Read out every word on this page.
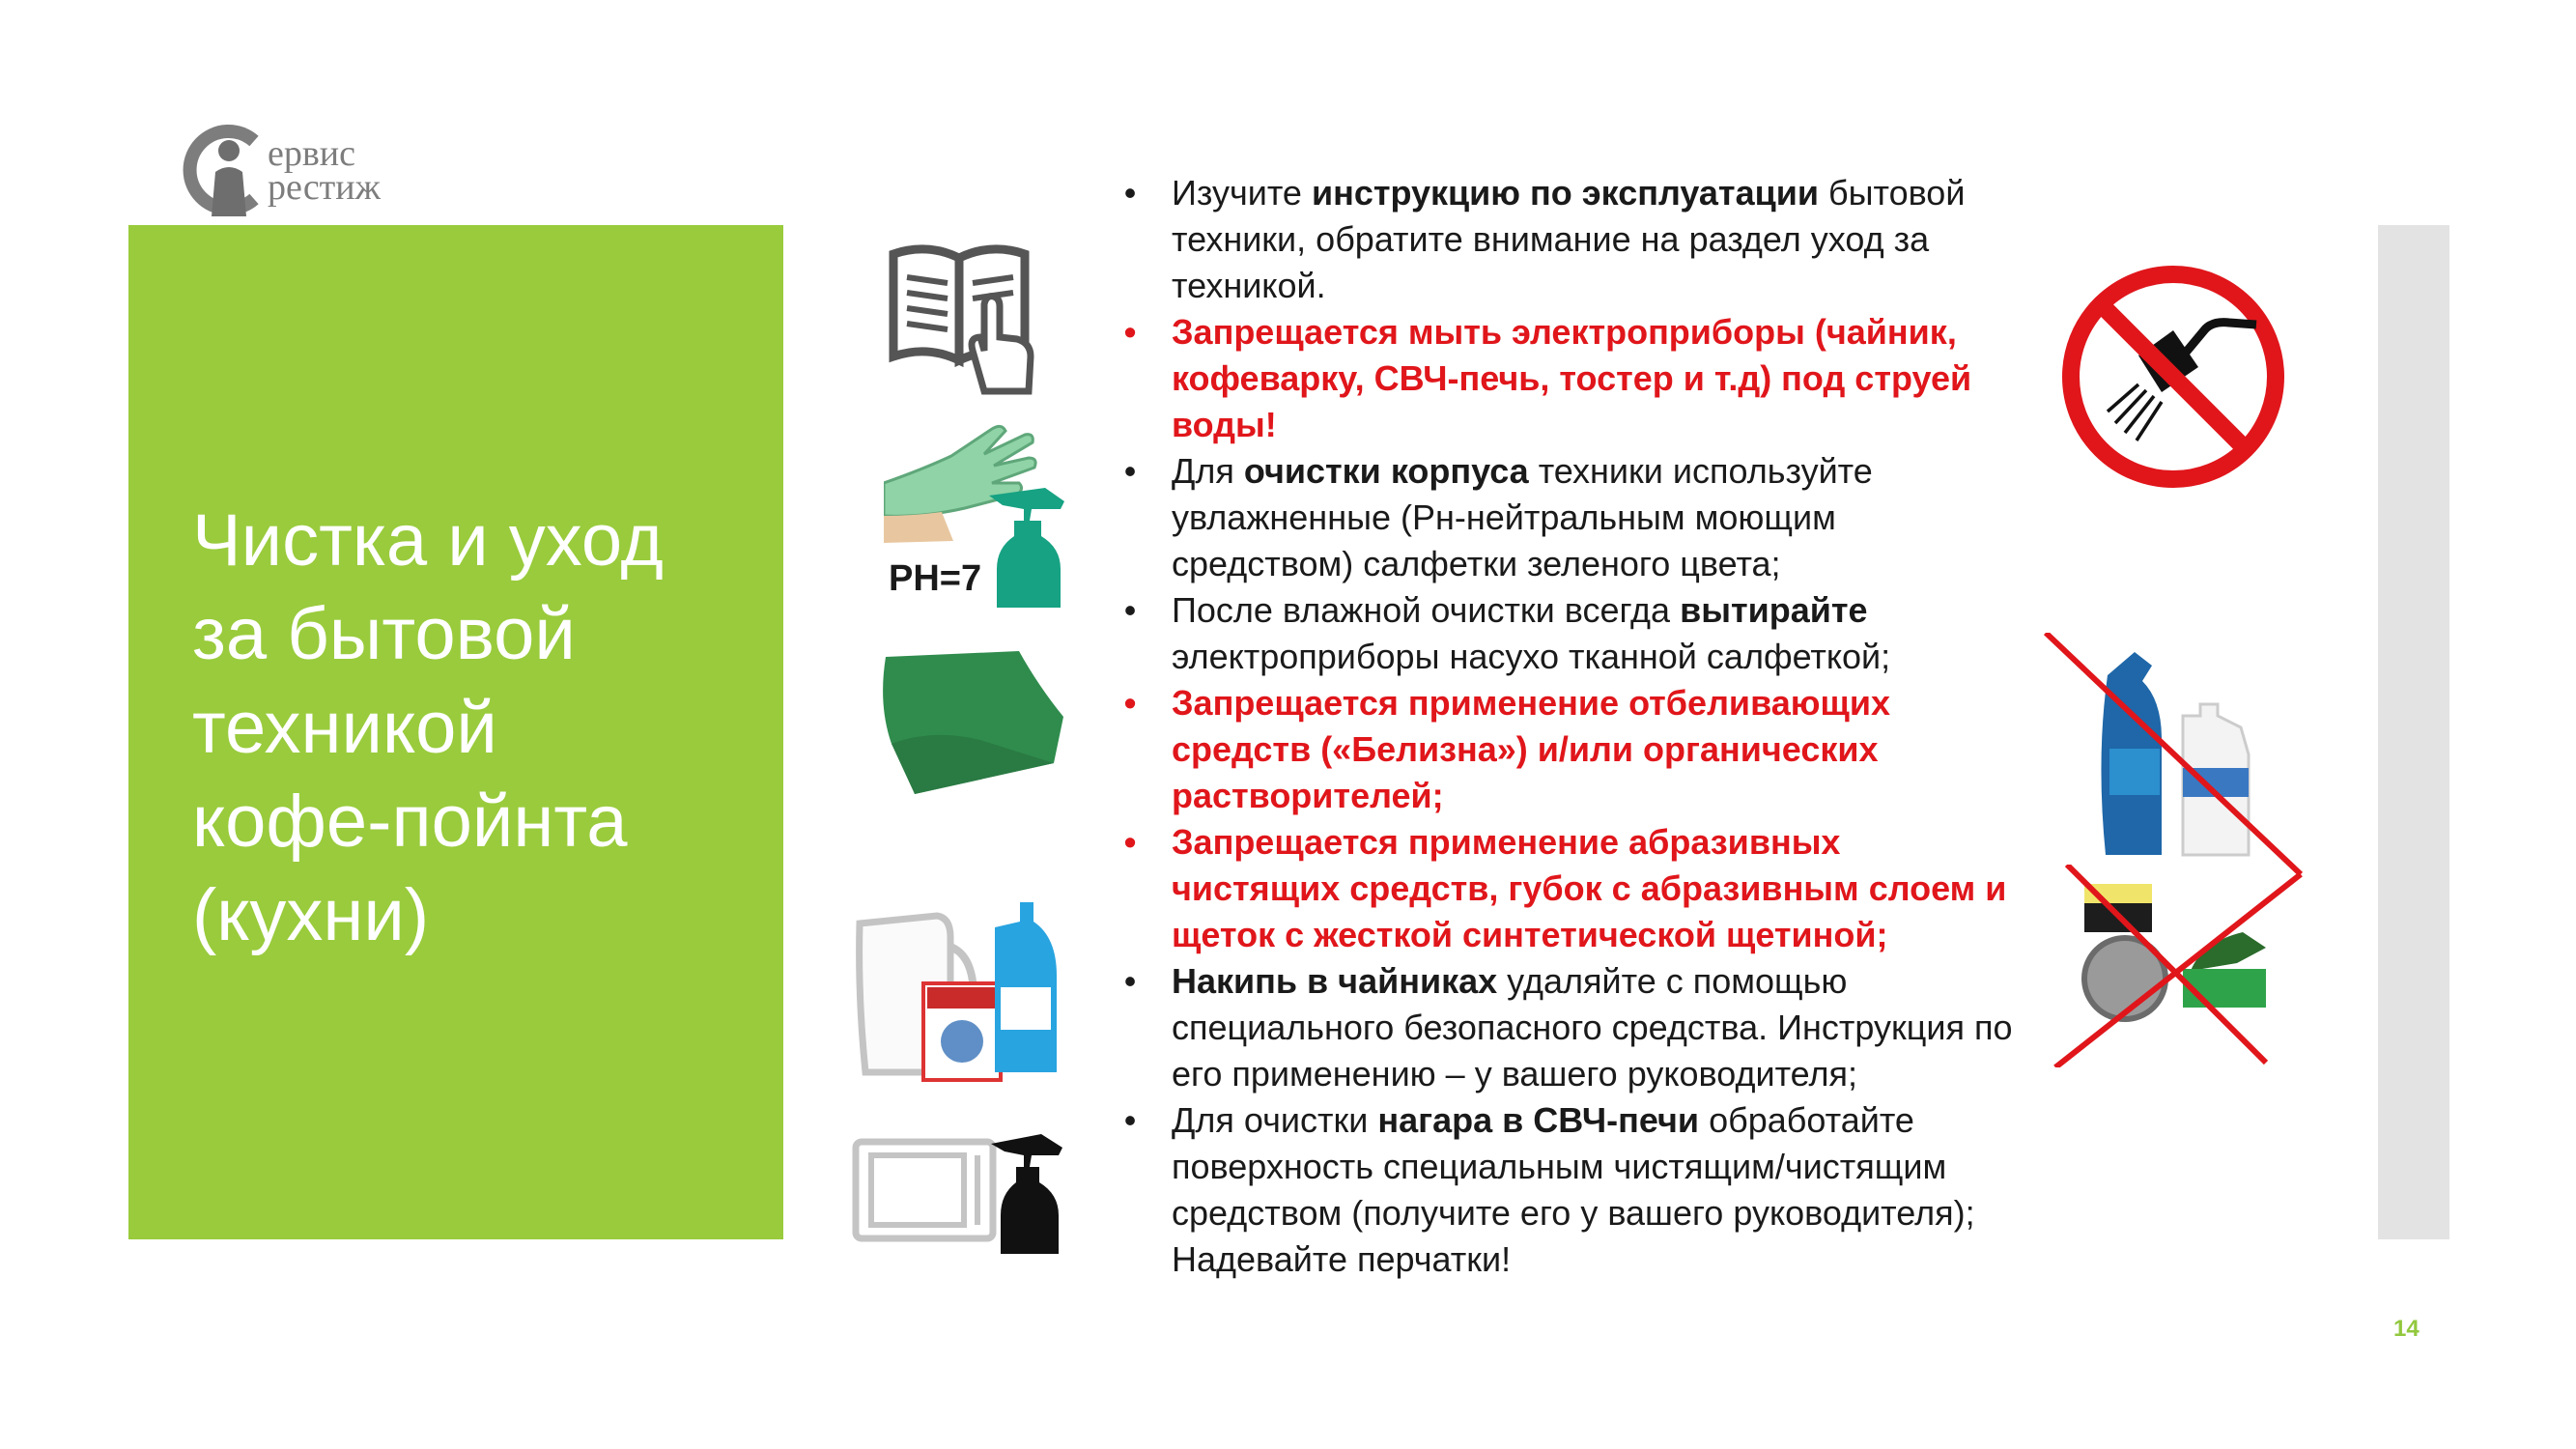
ервис
рестиж
Чистка и уход
за бытовой
техникой
кофе-пойнта
(кухни)
PH=7

• Изучите инструкцию по эксплуатации бытовой техники, обратите внимание на раздел уход за техникой.

• Запрещается мыть электроприборы (чайник, кофеварку, СВЧ-печь, тостер и т.д) под струей воды!

• Для очистки корпуса техники используйте увлажненные (Рн-нейтральным моющим средством) салфетки зеленого цвета;

• После влажной очистки всегда вытирайте электроприборы насухо тканной салфеткой;

• Запрещается применение отбеливающих средств («Белизна») и/или органических растворителей;

• Запрещается применение абразивных чистящих средств, губок с абразивным слоем и щеток с жесткой синтетической щетиной;

• Накипь в чайниках удаляйте с помощью специального безопасного средства. Инструкция по его применению – у вашего руководителя;

• Для очистки нагара в СВЧ-печи обработайте поверхность специальным чистящим/чистящим средством (получите его у вашего руководителя); Надевайте перчатки!

14
